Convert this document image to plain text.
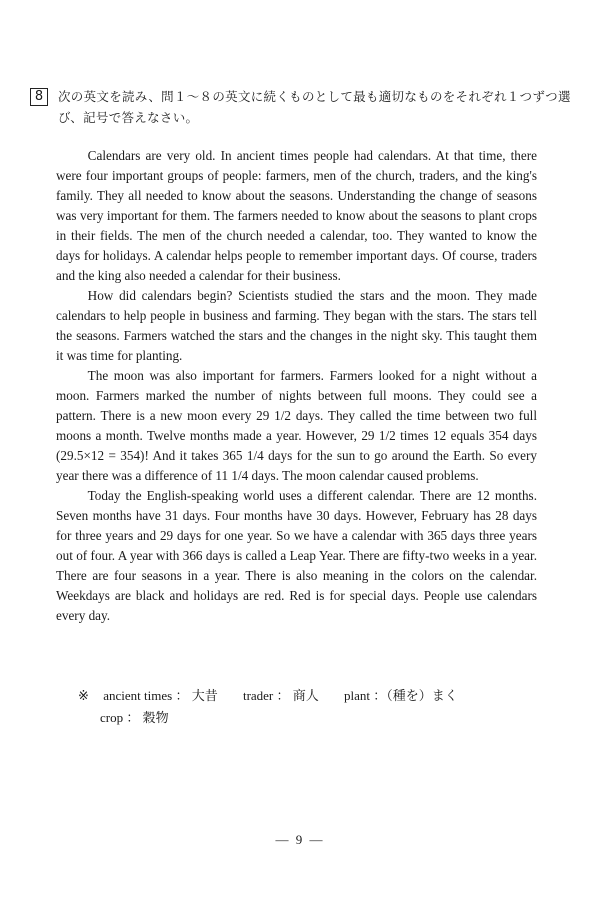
8	次の英文を読み、問１～８の英文に続くものとして最も適切なものをそれぞれ１つずつ選び、記号で答えなさい。

Calendars are very old. In ancient times people had calendars. At that time, there were four important groups of people: farmers, men of the church, traders, and the king's family. They all needed to know about the seasons. Understanding the change of seasons was very important for them. The farmers needed to know about the seasons to plant crops in their fields. The men of the church needed a calendar, too. They wanted to know the days for holidays. A calendar helps people to remember important days. Of course, traders and the king also needed a calendar for their business.

How did calendars begin? Scientists studied the stars and the moon. They made calendars to help people in business and farming. They began with the stars. The stars tell the seasons. Farmers watched the stars and the changes in the night sky. This taught them it was time for planting.

The moon was also important for farmers. Farmers looked for a night without a moon. Farmers marked the number of nights between full moons. They could see a pattern. There is a new moon every 29 1/2 days. They called the time between two full moons a month. Twelve months made a year. However, 29 1/2 times 12 equals 354 days (29.5×12 = 354)! And it takes 365 1/4 days for the sun to go around the Earth. So every year there was a difference of 11 1/4 days. The moon calendar caused problems.

Today the English-speaking world uses a different calendar. There are 12 months. Seven months have 31 days. Four months have 30 days. However, February has 28 days for three years and 29 days for one year. So we have a calendar with 365 days three years out of four. A year with 366 days is called a Leap Year. There are fifty-two weeks in a year. There are four seasons in a year. There is also meaning in the colors on the calendar. Weekdays are black and holidays are red. Red is for special days. People use calendars every day.

※ ancient times ： 大昔 trader ： 商人 plant ：（種を）まく
crop ： 穀物
― 9 ―
